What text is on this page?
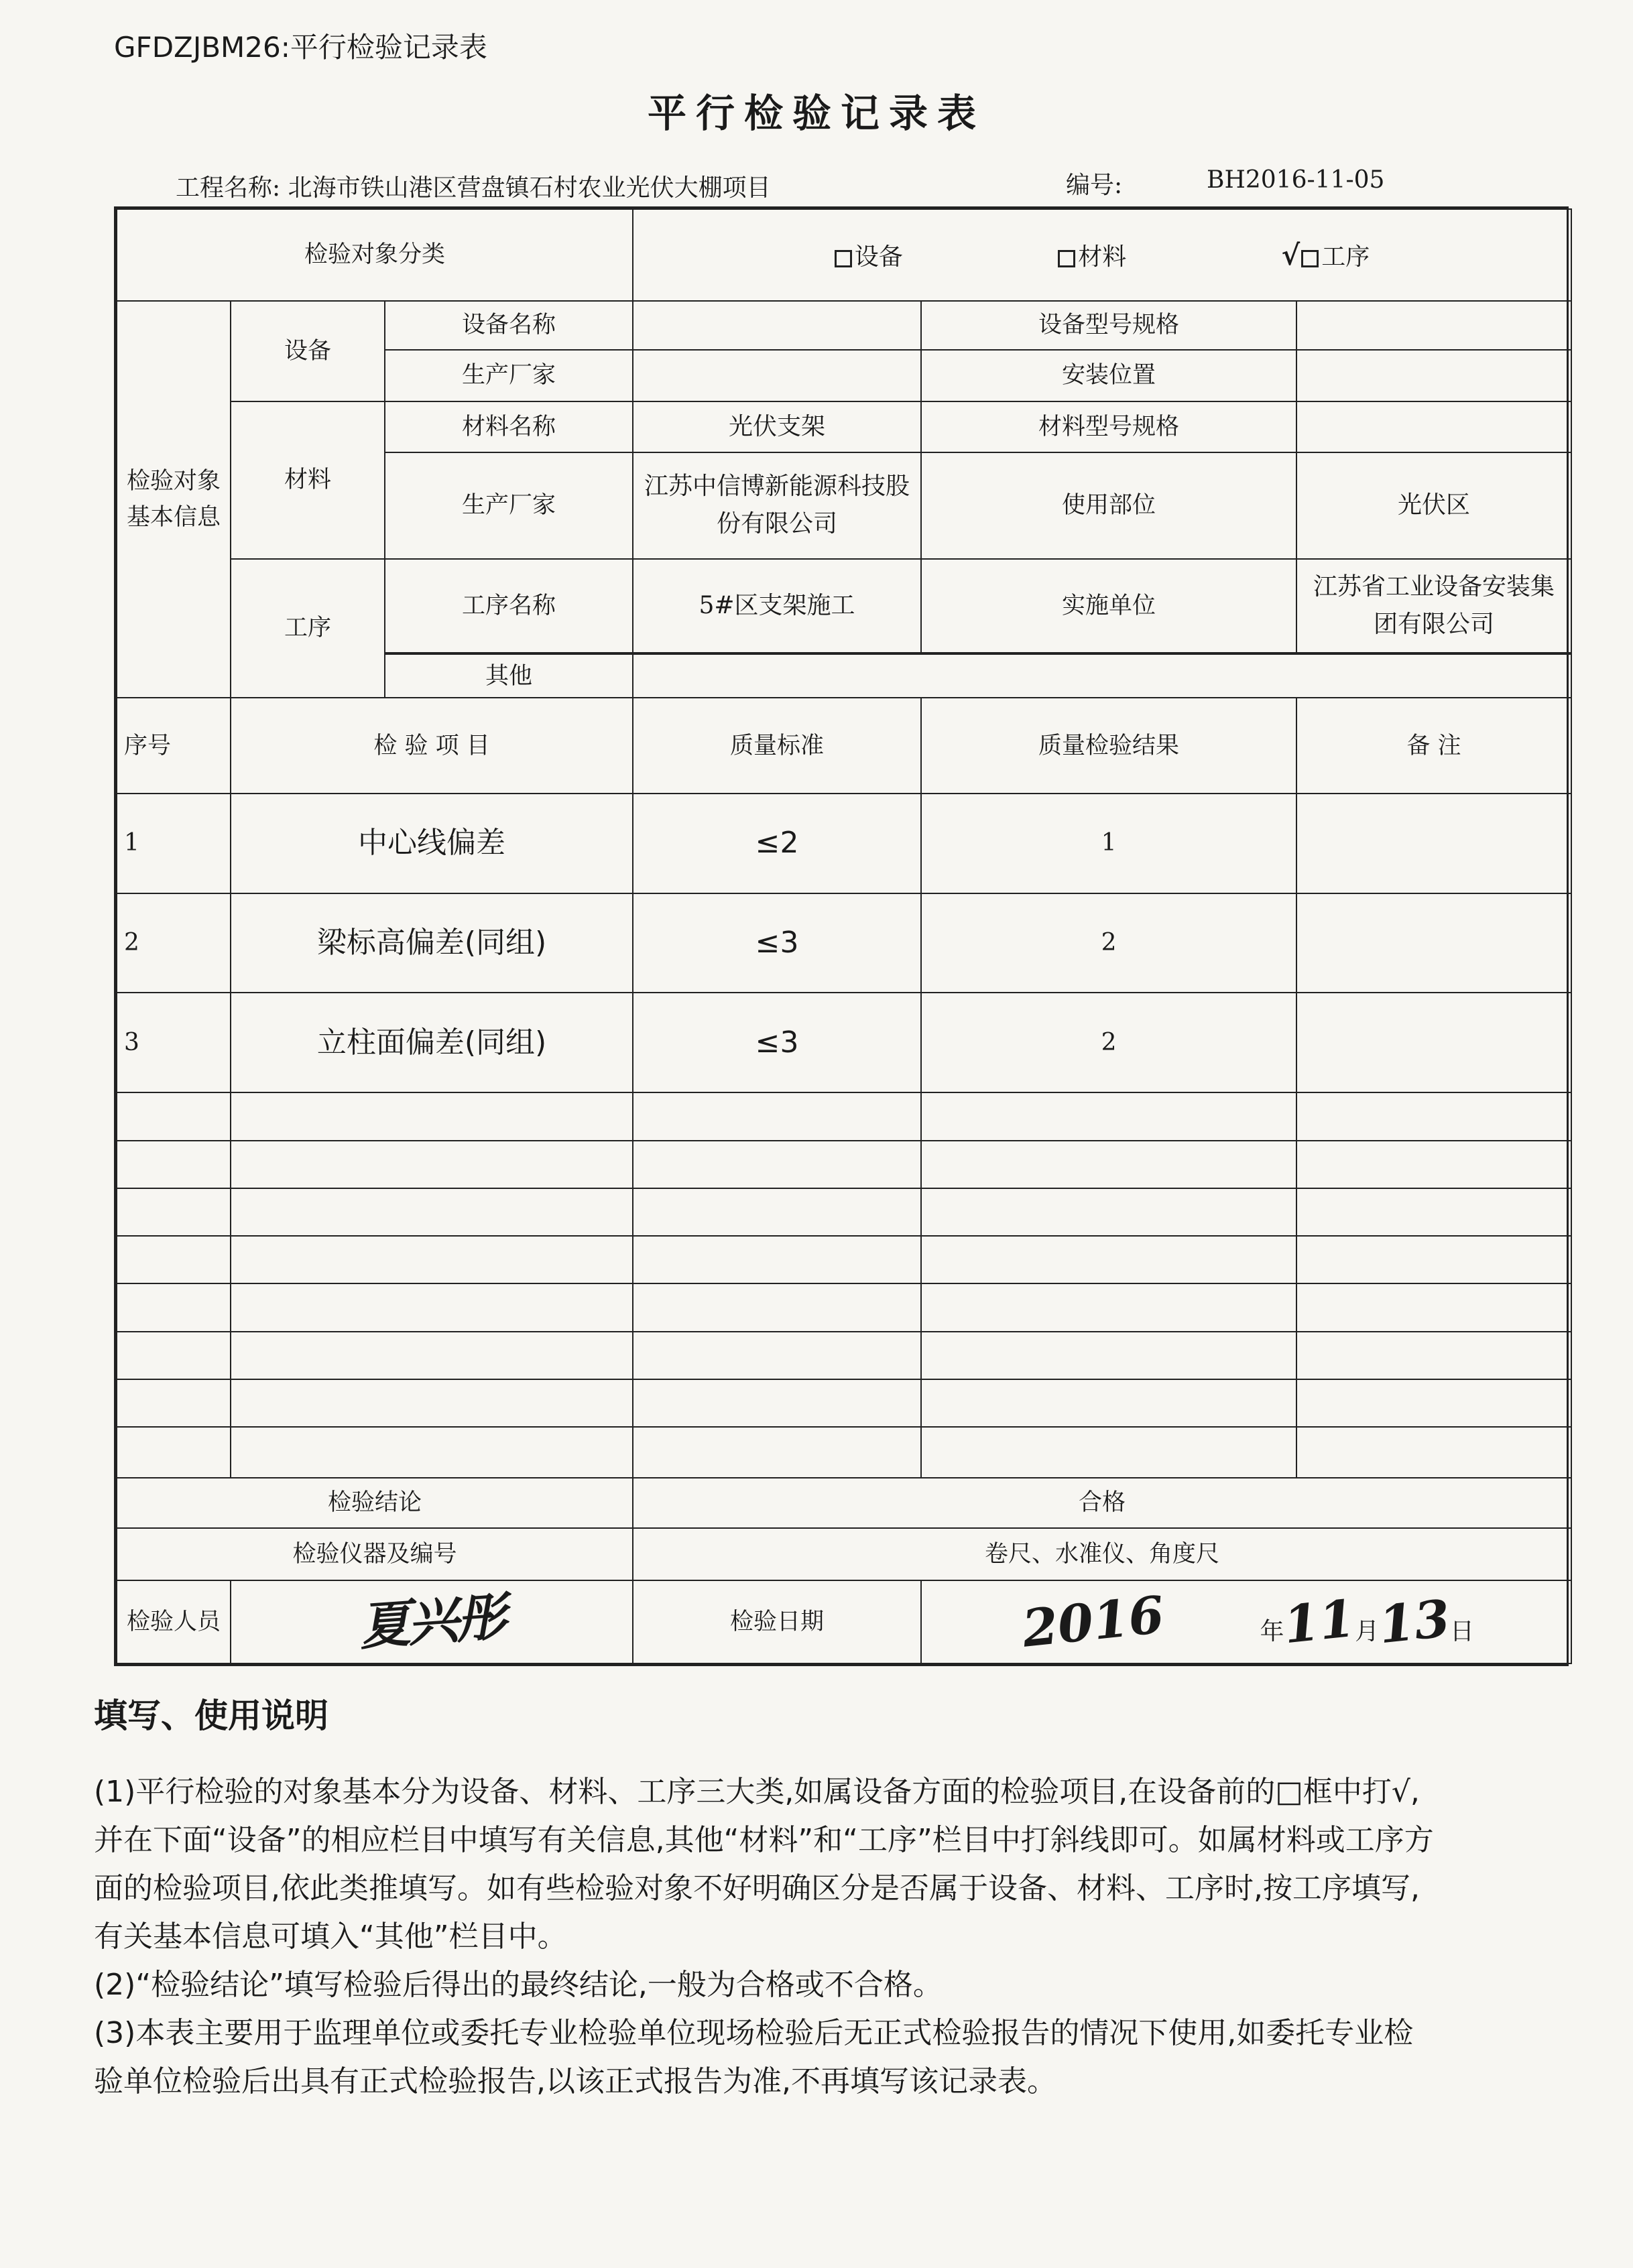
GFDZJBM26:平行检验记录表
平行检验记录表
工程名称: 北海市铁山港区营盘镇石村农业光伏大棚项目	编号:	BH2016-11-05
检验对象分类			设备 材料 √ 工序		
检验对象基本信息	设备	设备名称		设备型号规格	
		生产厂家		安装位置	
	材料	材料名称	光伏支架	材料型号规格	
		生产厂家	江苏中信博新能源科技股份有限公司	使用部位	光伏区

	工序	工序名称	5#区支架施工	实施单位	江苏省工业设备安装集团有限公司

		其他			
序号	检 验 项 目		质量标准	质量检验结果	备 注
1	中心线偏差		≤2	1	
2	梁标高偏差(同组)		≤3	2	
3	立柱面偏差(同组)		≤3	2	

检验结论			合格		
检验仪器及编号			卷尺、水准仪、角度尺		
检验人员	夏兴彤		检验日期	2016 年11月13日	
填写、使用说明

(1)平行检验的对象基本分为设备、材料、工序三大类,如属设备方面的检验项目,在设备前的□框中打√,并在下面“设备”的相应栏目中填写有关信息,其他“材料”和“工序”栏目中打斜线即可。如属材料或工序方面的检验项目,依此类推填写。如有些检验对象不好明确区分是否属于设备、材料、工序时,按工序填写,有关基本信息可填入“其他”栏目中。

(2)“检验结论”填写检验后得出的最终结论,一般为合格或不合格。

(3)本表主要用于监理单位或委托专业检验单位现场检验后无正式检验报告的情况下使用,如委托专业检验单位检验后出具有正式检验报告,以该正式报告为准,不再填写该记录表。
